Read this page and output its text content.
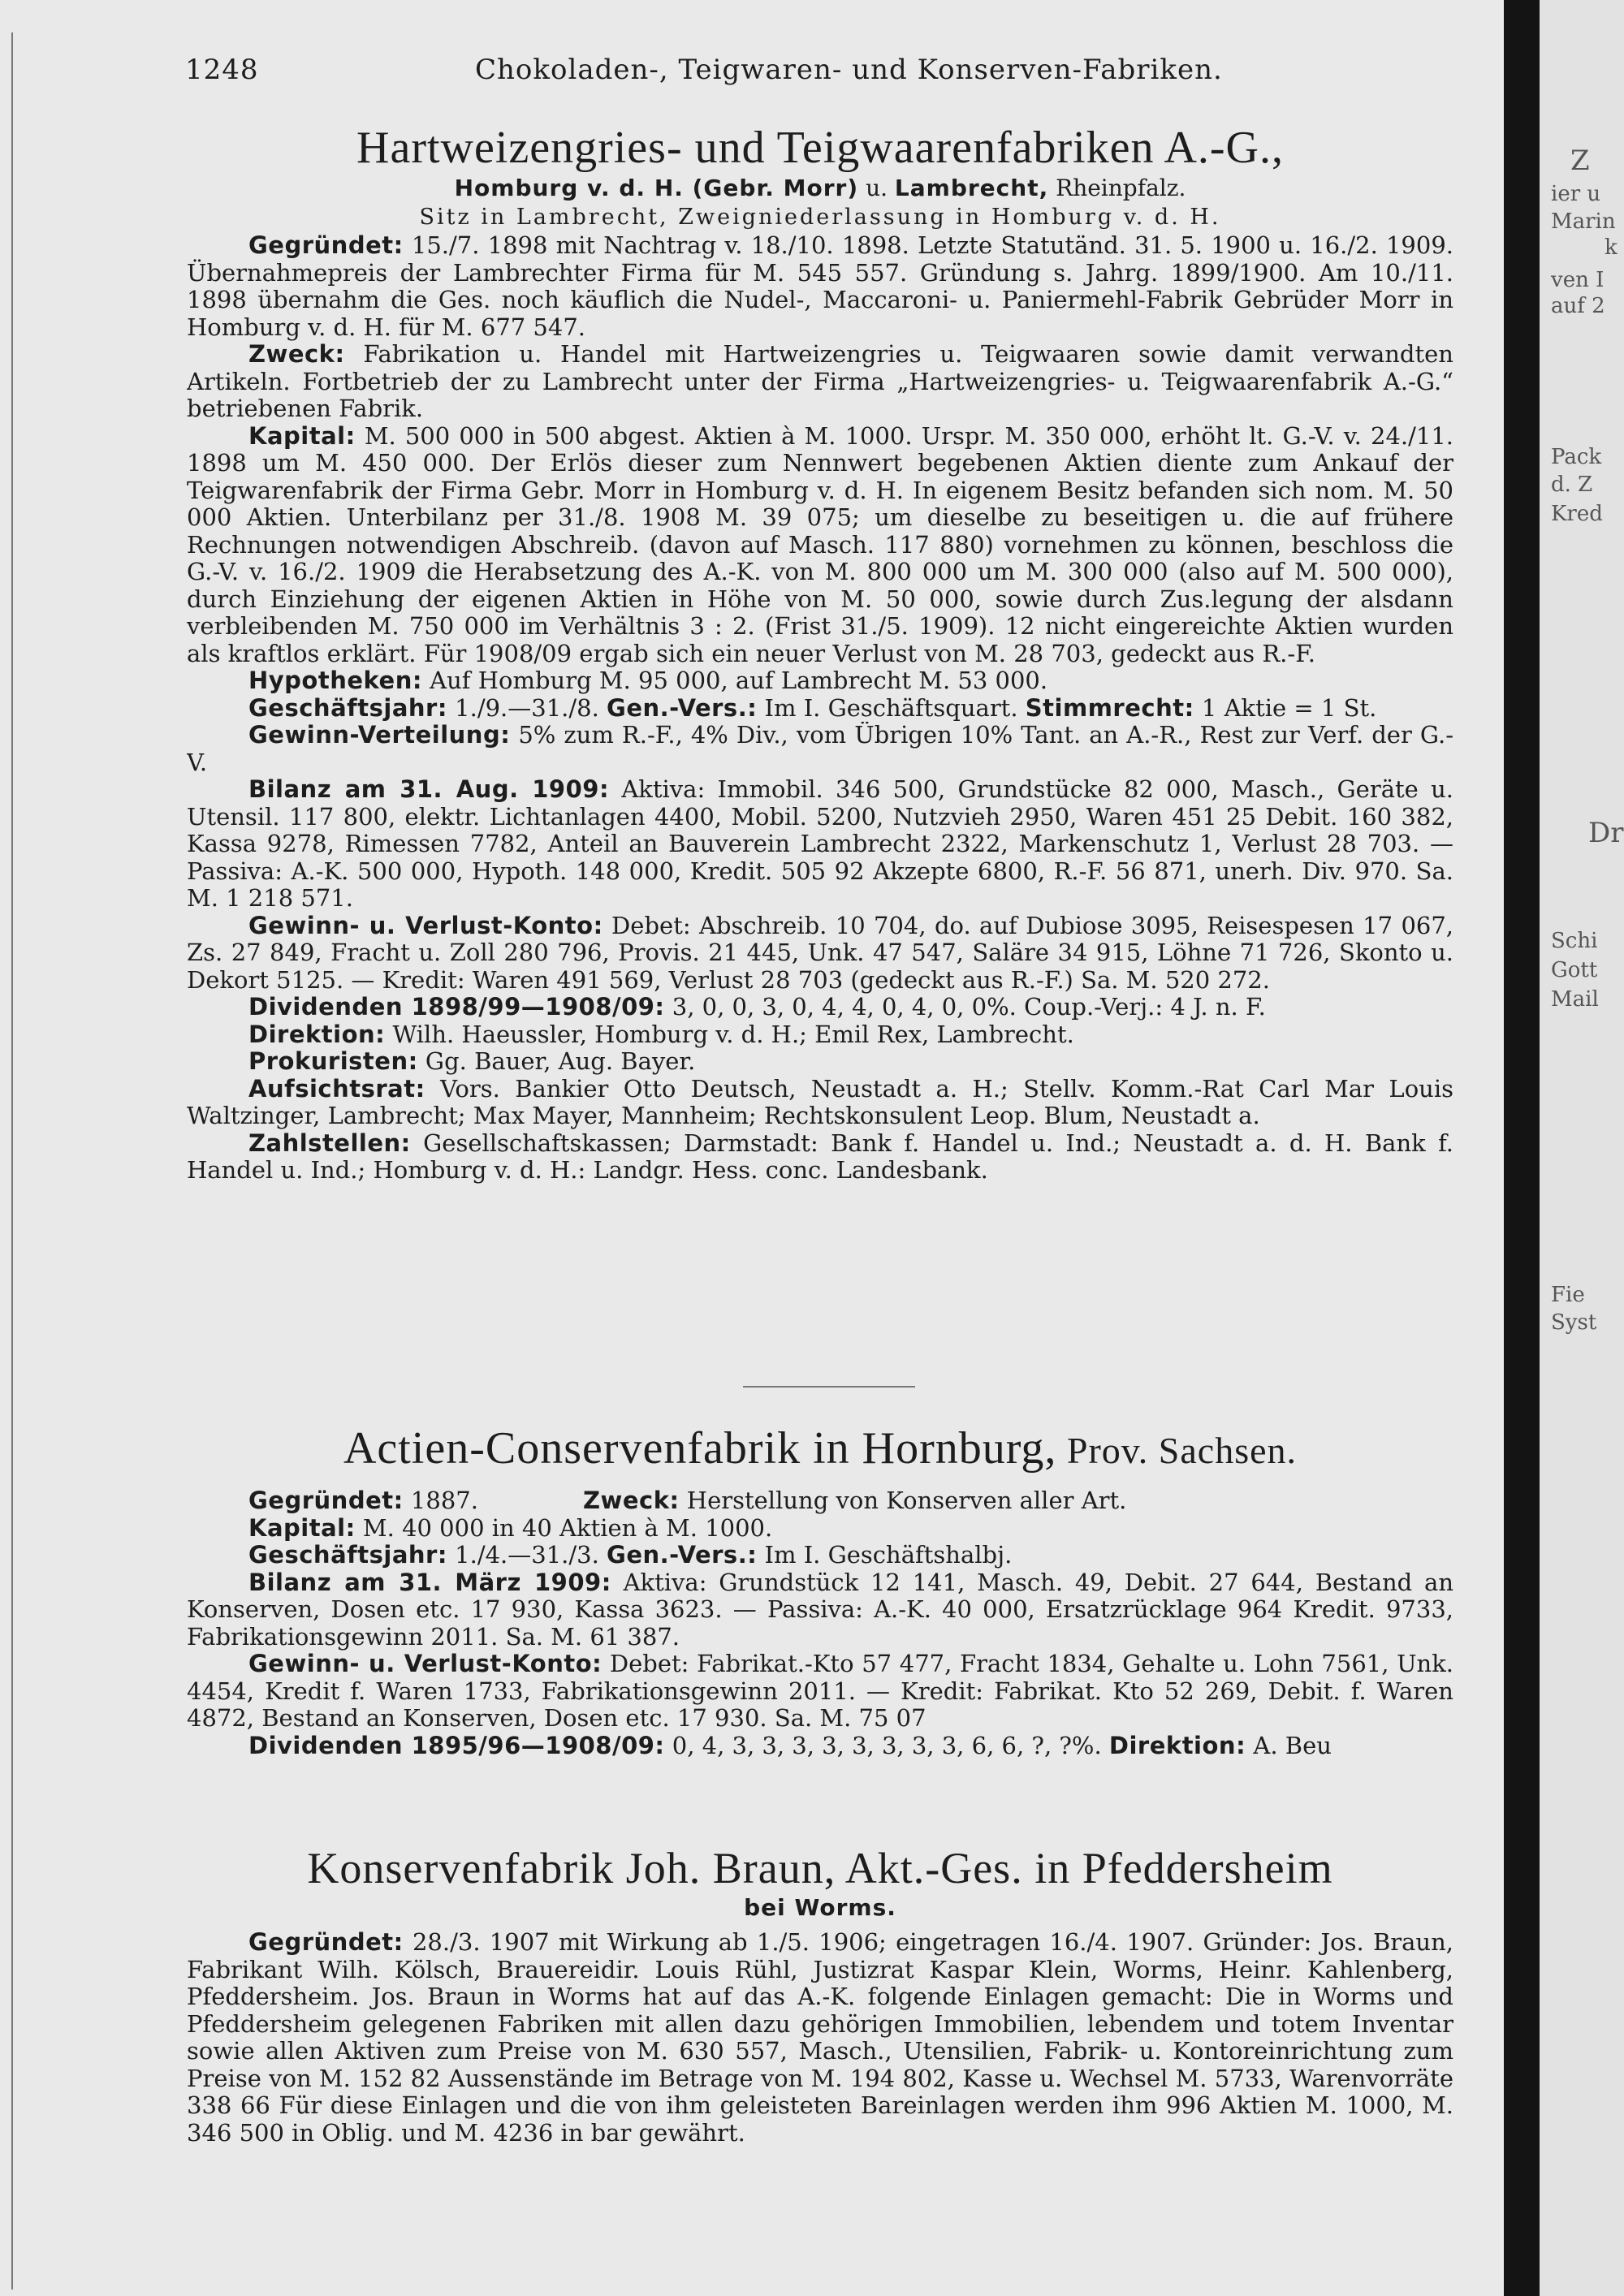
Z
ier u
Marin
k
ven I
auf 2
Pack
d. Z
Kred
Dr
Schi
Gott
Mail
Fie
Syst
1248	Chokoladen-, Teigwaren- und Konserven-Fabriken.
Hartweizengries- und Teigwaarenfabriken A.-G.,

Homburg v. d. H. (Gebr. Morr) u. Lambrecht, Rheinpfalz.

Sitz in Lambrecht, Zweigniederlassung in Homburg v. d. H.

Gegründet: 15./7. 1898 mit Nachtrag v. 18./10. 1898. Letzte Statutänd. 31. 5. 1900 u. 16./2. 1909. Übernahmepreis der Lambrechter Firma für M. 545 557. Gründung s. Jahrg. 1899/1900. Am 10./11. 1898 übernahm die Ges. noch käuflich die Nudel-, Maccaroni- u. Paniermehl-Fabrik Gebrüder Morr in Homburg v. d. H. für M. 677 547.

Zweck: Fabrikation u. Handel mit Hartweizengries u. Teigwaaren sowie damit verwandten Artikeln. Fortbetrieb der zu Lambrecht unter der Firma „Hartweizengries- u. Teigwaarenfabrik A.-G.“ betriebenen Fabrik.

Kapital: M. 500 000 in 500 abgest. Aktien à M. 1000. Urspr. M. 350 000, erhöht lt. G.-V. v. 24./11. 1898 um M. 450 000. Der Erlös dieser zum Nennwert begebenen Aktien diente zum Ankauf der Teigwarenfabrik der Firma Gebr. Morr in Homburg v. d. H. In eigenem Besitz befanden sich nom. M. 50 000 Aktien. Unterbilanz per 31./8. 1908 M. 39 075; um dieselbe zu beseitigen u. die auf frühere Rechnungen notwendigen Abschreib. (davon auf Masch. 117 880) vornehmen zu können, beschloss die G.-V. v. 16./2. 1909 die Herabsetzung des A.-K. von M. 800 000 um M. 300 000 (also auf M. 500 000), durch Einziehung der eigenen Aktien in Höhe von M. 50 000, sowie durch Zus.legung der alsdann verbleibenden M. 750 000 im Verhältnis 3 : 2. (Frist 31./5. 1909). 12 nicht eingereichte Aktien wurden als kraftlos erklärt. Für 1908/09 ergab sich ein neuer Verlust von M. 28 703, gedeckt aus R.-F.

Hypotheken: Auf Homburg M. 95 000, auf Lambrecht M. 53 000.

Geschäftsjahr: 1./9.—31./8. Gen.-Vers.: Im I. Geschäftsquart. Stimmrecht: 1 Aktie = 1 St.

Gewinn-Verteilung: 5% zum R.-F., 4% Div., vom Übrigen 10% Tant. an A.-R., Rest zur Verf. der G.-V.

Bilanz am 31. Aug. 1909: Aktiva: Immobil. 346 500, Grundstücke 82 000, Masch., Geräte u. Utensil. 117 800, elektr. Lichtanlagen 4400, Mobil. 5200, Nutzvieh 2950, Waren 451 25 Debit. 160 382, Kassa 9278, Rimessen 7782, Anteil an Bauverein Lambrecht 2322, Markenschutz 1, Verlust 28 703. — Passiva: A.-K. 500 000, Hypoth. 148 000, Kredit. 505 92 Akzepte 6800, R.-F. 56 871, unerh. Div. 970. Sa. M. 1 218 571.

Gewinn- u. Verlust-Konto: Debet: Abschreib. 10 704, do. auf Dubiose 3095, Reisespesen 17 067, Zs. 27 849, Fracht u. Zoll 280 796, Provis. 21 445, Unk. 47 547, Saläre 34 915, Löhne 71 726, Skonto u. Dekort 5125. — Kredit: Waren 491 569, Verlust 28 703 (gedeckt aus R.-F.) Sa. M. 520 272.

Dividenden 1898/99—1908/09: 3, 0, 0, 3, 0, 4, 4, 0, 4, 0, 0%. Coup.-Verj.: 4 J. n. F.

Direktion: Wilh. Haeussler, Homburg v. d. H.; Emil Rex, Lambrecht.

Prokuristen: Gg. Bauer, Aug. Bayer.

Aufsichtsrat: Vors. Bankier Otto Deutsch, Neustadt a. H.; Stellv. Komm.-Rat Carl Mar Louis Waltzinger, Lambrecht; Max Mayer, Mannheim; Rechtskonsulent Leop. Blum, Neustadt a.

Zahlstellen: Gesellschaftskassen; Darmstadt: Bank f. Handel u. Ind.; Neustadt a. d. H. Bank f. Handel u. Ind.; Homburg v. d. H.: Landgr. Hess. conc. Landesbank.

Actien-Conservenfabrik in Hornburg, Prov. Sachsen.

Gegründet: 1887.              Zweck: Herstellung von Konserven aller Art.

Kapital: M. 40 000 in 40 Aktien à M. 1000.

Geschäftsjahr: 1./4.—31./3. Gen.-Vers.: Im I. Geschäftshalbj.

Bilanz am 31. März 1909: Aktiva: Grundstück 12 141, Masch. 49, Debit. 27 644, Bestand an Konserven, Dosen etc. 17 930, Kassa 3623. — Passiva: A.-K. 40 000, Ersatzrücklage 964 Kredit. 9733, Fabrikationsgewinn 2011. Sa. M. 61 387.

Gewinn- u. Verlust-Konto: Debet: Fabrikat.-Kto 57 477, Fracht 1834, Gehalte u. Lohn 7561, Unk. 4454, Kredit f. Waren 1733, Fabrikationsgewinn 2011. — Kredit: Fabrikat. Kto 52 269, Debit. f. Waren 4872, Bestand an Konserven, Dosen etc. 17 930. Sa. M. 75 07

Dividenden 1895/96—1908/09: 0, 4, 3, 3, 3, 3, 3, 3, 3, 3, 6, 6, ?, ?%. Direktion: A. Beu

Konservenfabrik Joh. Braun, Akt.-Ges. in Pfeddersheim

bei Worms.

Gegründet: 28./3. 1907 mit Wirkung ab 1./5. 1906; eingetragen 16./4. 1907. Gründer: Jos. Braun, Fabrikant Wilh. Kölsch, Brauereidir. Louis Rühl, Justizrat Kaspar Klein, Worms, Heinr. Kahlenberg, Pfeddersheim. Jos. Braun in Worms hat auf das A.-K. folgende Einlagen gemacht: Die in Worms und Pfeddersheim gelegenen Fabriken mit allen dazu gehörigen Immobilien, lebendem und totem Inventar sowie allen Aktiven zum Preise von M. 630 557, Masch., Utensilien, Fabrik- u. Kontoreinrichtung zum Preise von M. 152 82 Aussenstände im Betrage von M. 194 802, Kasse u. Wechsel M. 5733, Warenvorräte 338 66 Für diese Einlagen und die von ihm geleisteten Bareinlagen werden ihm 996 Aktien M. 1000, M. 346 500 in Oblig. und M. 4236 in bar gewährt.
